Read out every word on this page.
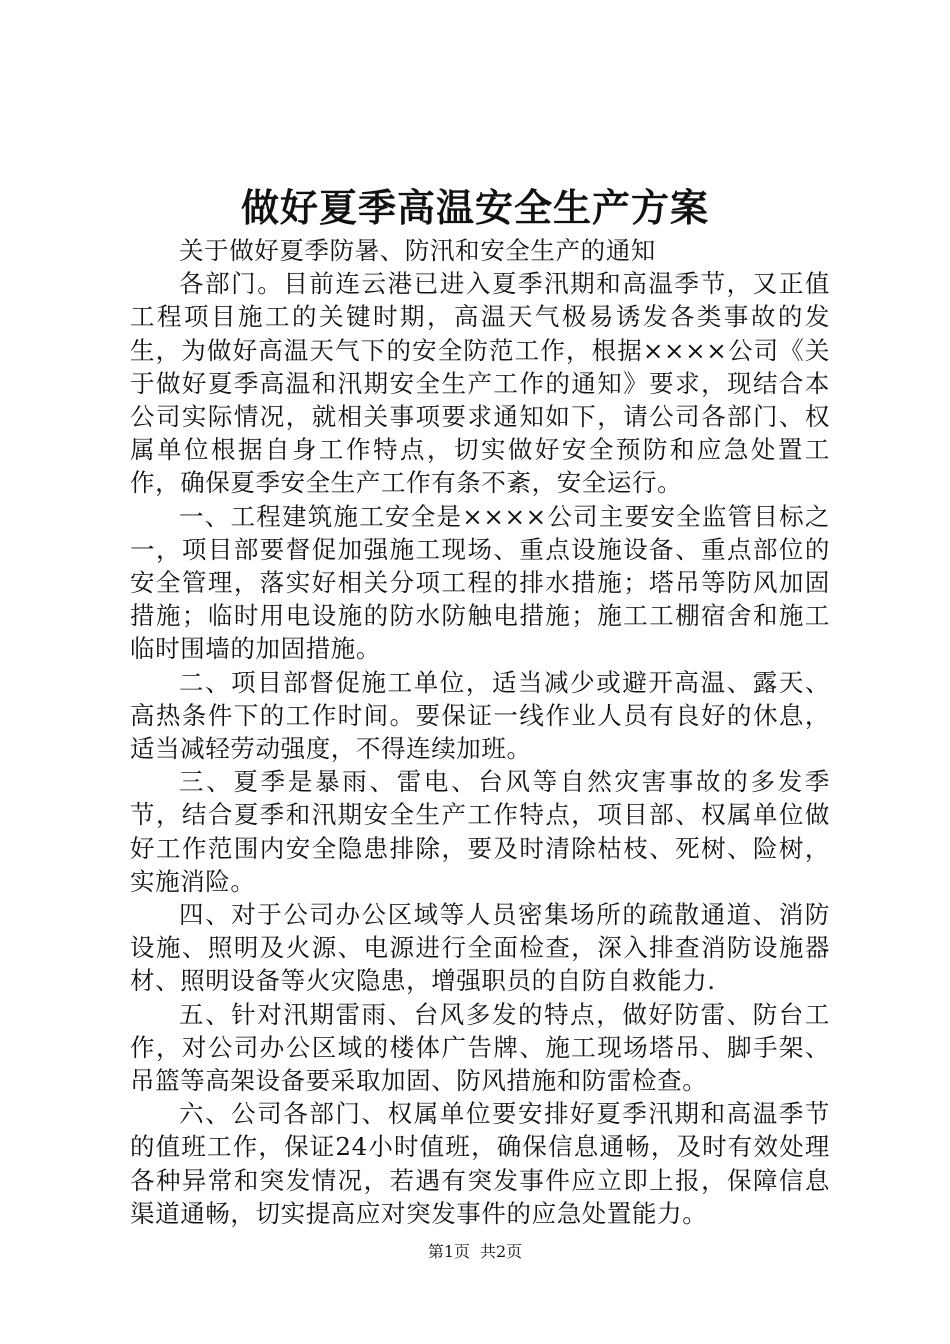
做好夏季高温安全生产方案

关于做好夏季防暑、防汛和安全生产的通知

各部门。目前连云港已进入夏季汛期和高温季节，又正值工程项目施工的关键时期，高温天气极易诱发各类事故的发生，为做好高温天气下的安全防范工作，根据××××公司《关于做好夏季高温和汛期安全生产工作的通知》要求，现结合本公司实际情况，就相关事项要求通知如下，请公司各部门、权属单位根据自身工作特点，切实做好安全预防和应急处置工作，确保夏季安全生产工作有条不紊，安全运行。

一、工程建筑施工安全是××××公司主要安全监管目标之一，项目部要督促加强施工现场、重点设施设备、重点部位的安全管理，落实好相关分项工程的排水措施；塔吊等防风加固措施；临时用电设施的防水防触电措施；施工工棚宿舍和施工临时围墙的加固措施。

二、项目部督促施工单位，适当减少或避开高温、露天、高热条件下的工作时间。要保证一线作业人员有良好的休息，适当减轻劳动强度，不得连续加班。

三、夏季是暴雨、雷电、台风等自然灾害事故的多发季节，结合夏季和汛期安全生产工作特点，项目部、权属单位做好工作范围内安全隐患排除，要及时清除枯枝、死树、险树，实施消险。

四、对于公司办公区域等人员密集场所的疏散通道、消防设施、照明及火源、电源进行全面检查，深入排查消防设施器材、照明设备等火灾隐患，增强职员的自防自救能力.

五、针对汛期雷雨、台风多发的特点，做好防雷、防台工作，对公司办公区域的楼体广告牌、施工现场塔吊、脚手架、吊篮等高架设备要采取加固、防风措施和防雷检查。

六、公司各部门、权属单位要安排好夏季汛期和高温季节的值班工作，保证24小时值班，确保信息通畅，及时有效处理各种异常和突发情况，若遇有突发事件应立即上报，保障信息渠道通畅，切实提高应对突发事件的应急处置能力。

第1页 共2页
